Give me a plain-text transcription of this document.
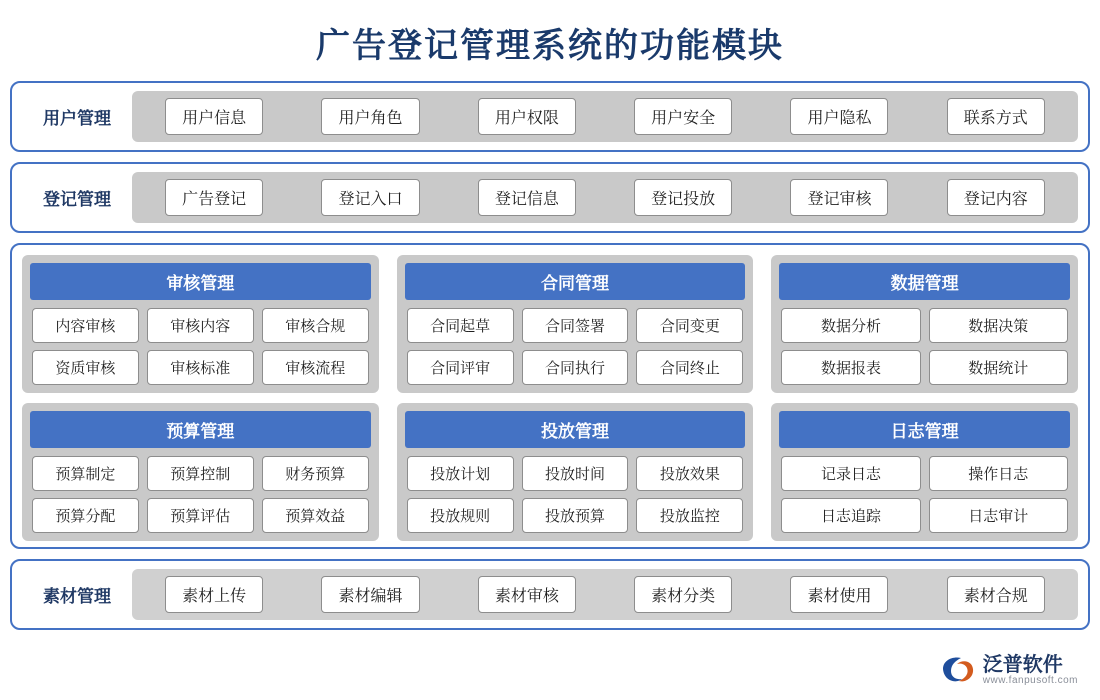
广告登记管理系统的功能模块
用户管理	用户信息	用户角色	用户权限	用户安全	用户隐私	联系方式
登记管理	广告登记	登记入口	登记信息	登记投放	登记审核	登记内容
审核管理
内容审核	审核内容	审核合规
资质审核	审核标准	审核流程
合同管理
合同起草	合同签署	合同变更
合同评审	合同执行	合同终止
数据管理
数据分析	数据决策
数据报表	数据统计
预算管理
预算制定	预算控制	财务预算
预算分配	预算评估	预算效益
投放管理
投放计划	投放时间	投放效果
投放规则	投放预算	投放监控
日志管理
记录日志	操作日志
日志追踪	日志审计
素材管理	素材上传	素材编辑	素材审核	素材分类	素材使用	素材合规
泛普软件
www.fanpusoft.com
